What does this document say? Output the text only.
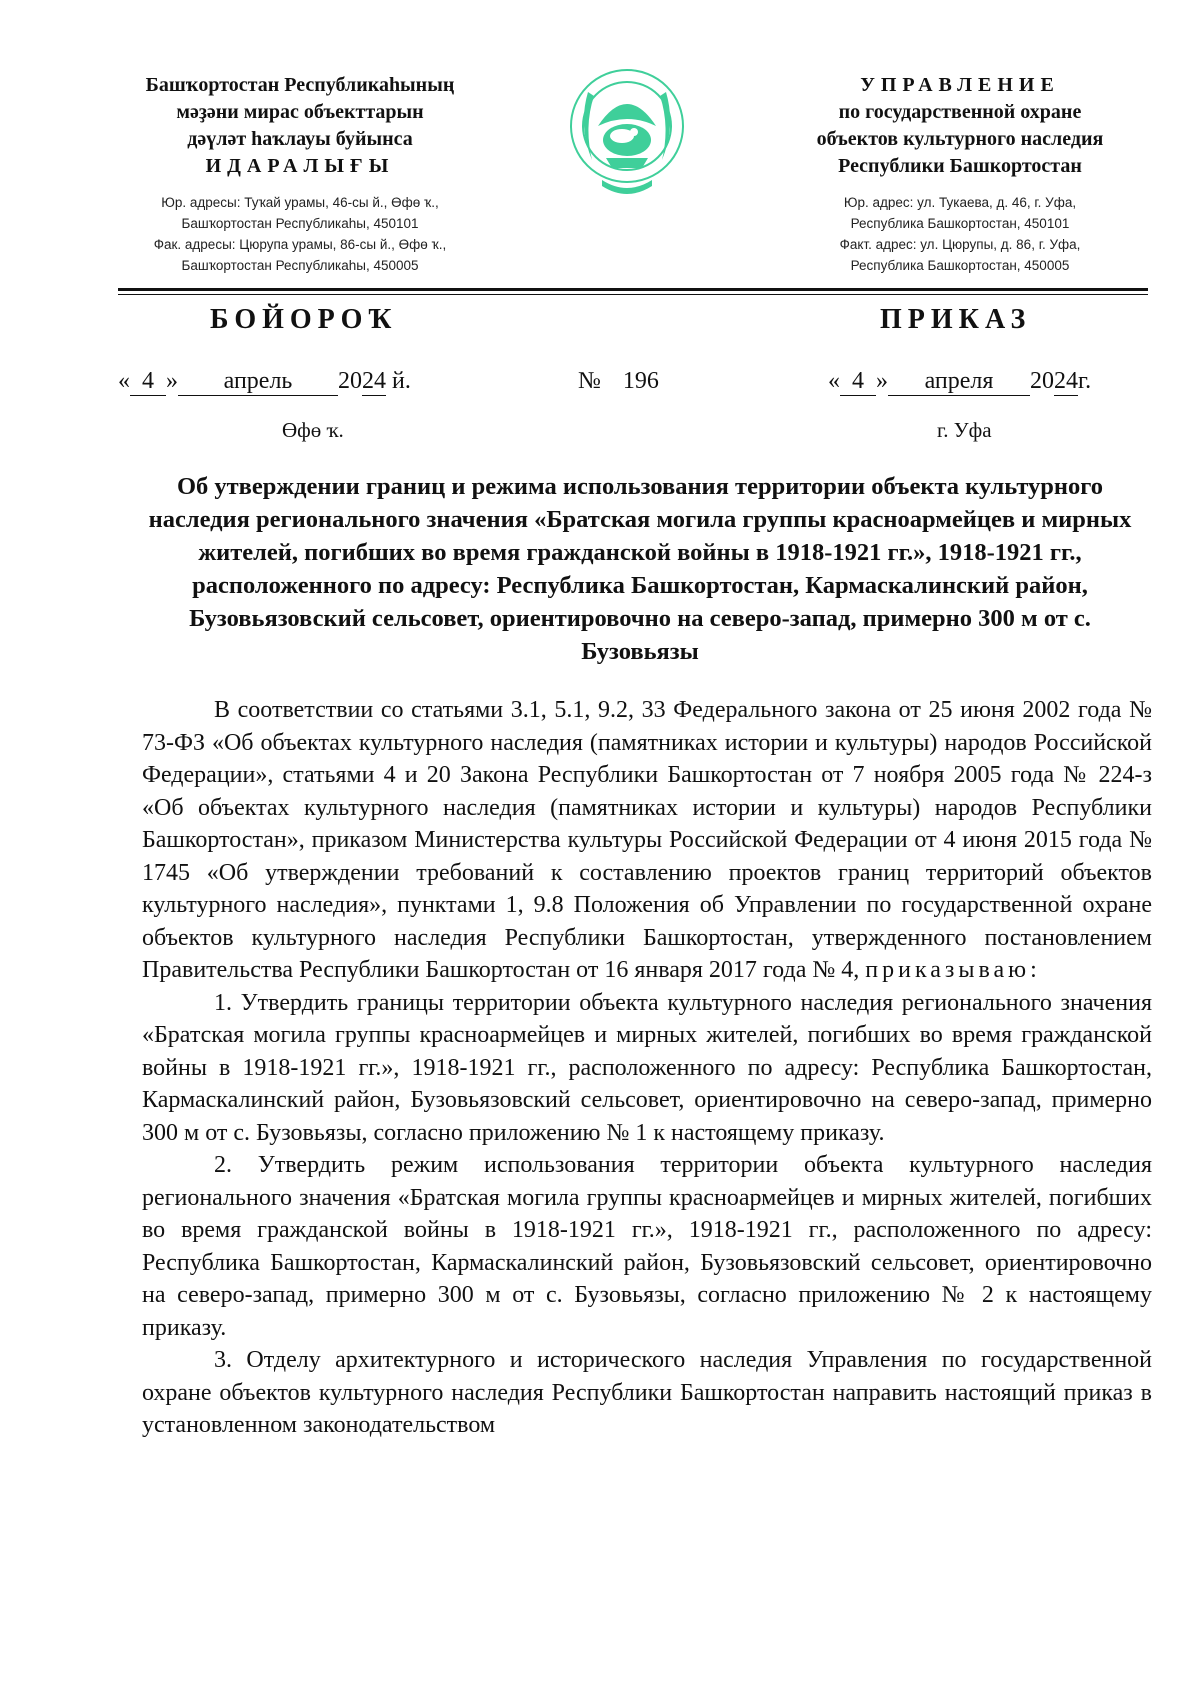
Башҡортостан Республикаһының
мәҙәни мирас объекттарын
дәүләт һаҡлауы буйынса
ИДАРАЛЫҒЫ
Юр. адресы: Туҡай урамы, 46-сы й., Өфө ҡ.,
Башҡортостан Республикаһы, 450101
Фак. адресы: Цюрупа урамы, 86-сы й., Өфө ҡ.,
Башҡортостан Республикаһы, 450005
УПРАВЛЕНИЕ
по государственной охране
объектов культурного наследия
Республики Башкортостан
Юр. адрес: ул. Тукаева, д. 46, г. Уфа,
Республика Башкортостан, 450101
Факт. адрес: ул. Цюрупы, д. 86, г. Уфа,
Республика Башкортостан, 450005
БОЙОРОҠ	ПРИКАЗ
« 4 » апрель 2024 й.	№ 196	« 4 » апреля 2024г.
Өфө ҡ.	г. Уфа
Об утверждении границ и режима использования территории объекта культурного наследия регионального значения «Братская могила группы красноармейцев и мирных жителей, погибших во время гражданской войны в 1918-1921 гг.», 1918-1921 гг., расположенного по адресу: Республика Башкортостан, Кармаскалинский район, Бузовьязовский сельсовет, ориентировочно на северо-запад, примерно 300 м от с. Бузовьязы

В соответствии со статьями 3.1, 5.1, 9.2, 33 Федерального закона от 25 июня 2002 года № 73-ФЗ «Об объектах культурного наследия (памятниках истории и культуры) народов Российской Федерации», статьями 4 и 20 Закона Республики Башкортостан от 7 ноября 2005 года № 224-з «Об объектах культурного наследия (памятниках истории и культуры) народов Республики Башкортостан», приказом Министерства культуры Российской Федерации от 4 июня 2015 года № 1745 «Об утверждении требований к составлению проектов границ территорий объектов культурного наследия», пунктами 1, 9.8 Положения об Управлении по государственной охране объектов культурного наследия Республики Башкортостан, утвержденного постановлением Правительства Республики Башкортостан от 16 января 2017 года № 4, приказываю:

1. Утвердить границы территории объекта культурного наследия регионального значения «Братская могила группы красноармейцев и мирных жителей, погибших во время гражданской войны в 1918-1921 гг.», 1918-1921 гг., расположенного по адресу: Республика Башкортостан, Кармаскалинский район, Бузовьязовский сельсовет, ориентировочно на северо-запад, примерно 300 м от с. Бузовьязы, согласно приложению № 1 к настоящему приказу.

2. Утвердить режим использования территории объекта культурного наследия регионального значения «Братская могила группы красноармейцев и мирных жителей, погибших во время гражданской войны в 1918-1921 гг.», 1918-1921 гг., расположенного по адресу: Республика Башкортостан, Кармаскалинский район, Бузовьязовский сельсовет, ориентировочно на северо-запад, примерно 300 м от с. Бузовьязы, согласно приложению № 2 к настоящему приказу.

3. Отделу архитектурного и исторического наследия Управления по государственной охране объектов культурного наследия Республики Башкортостан направить настоящий приказ в установленном законодательством
